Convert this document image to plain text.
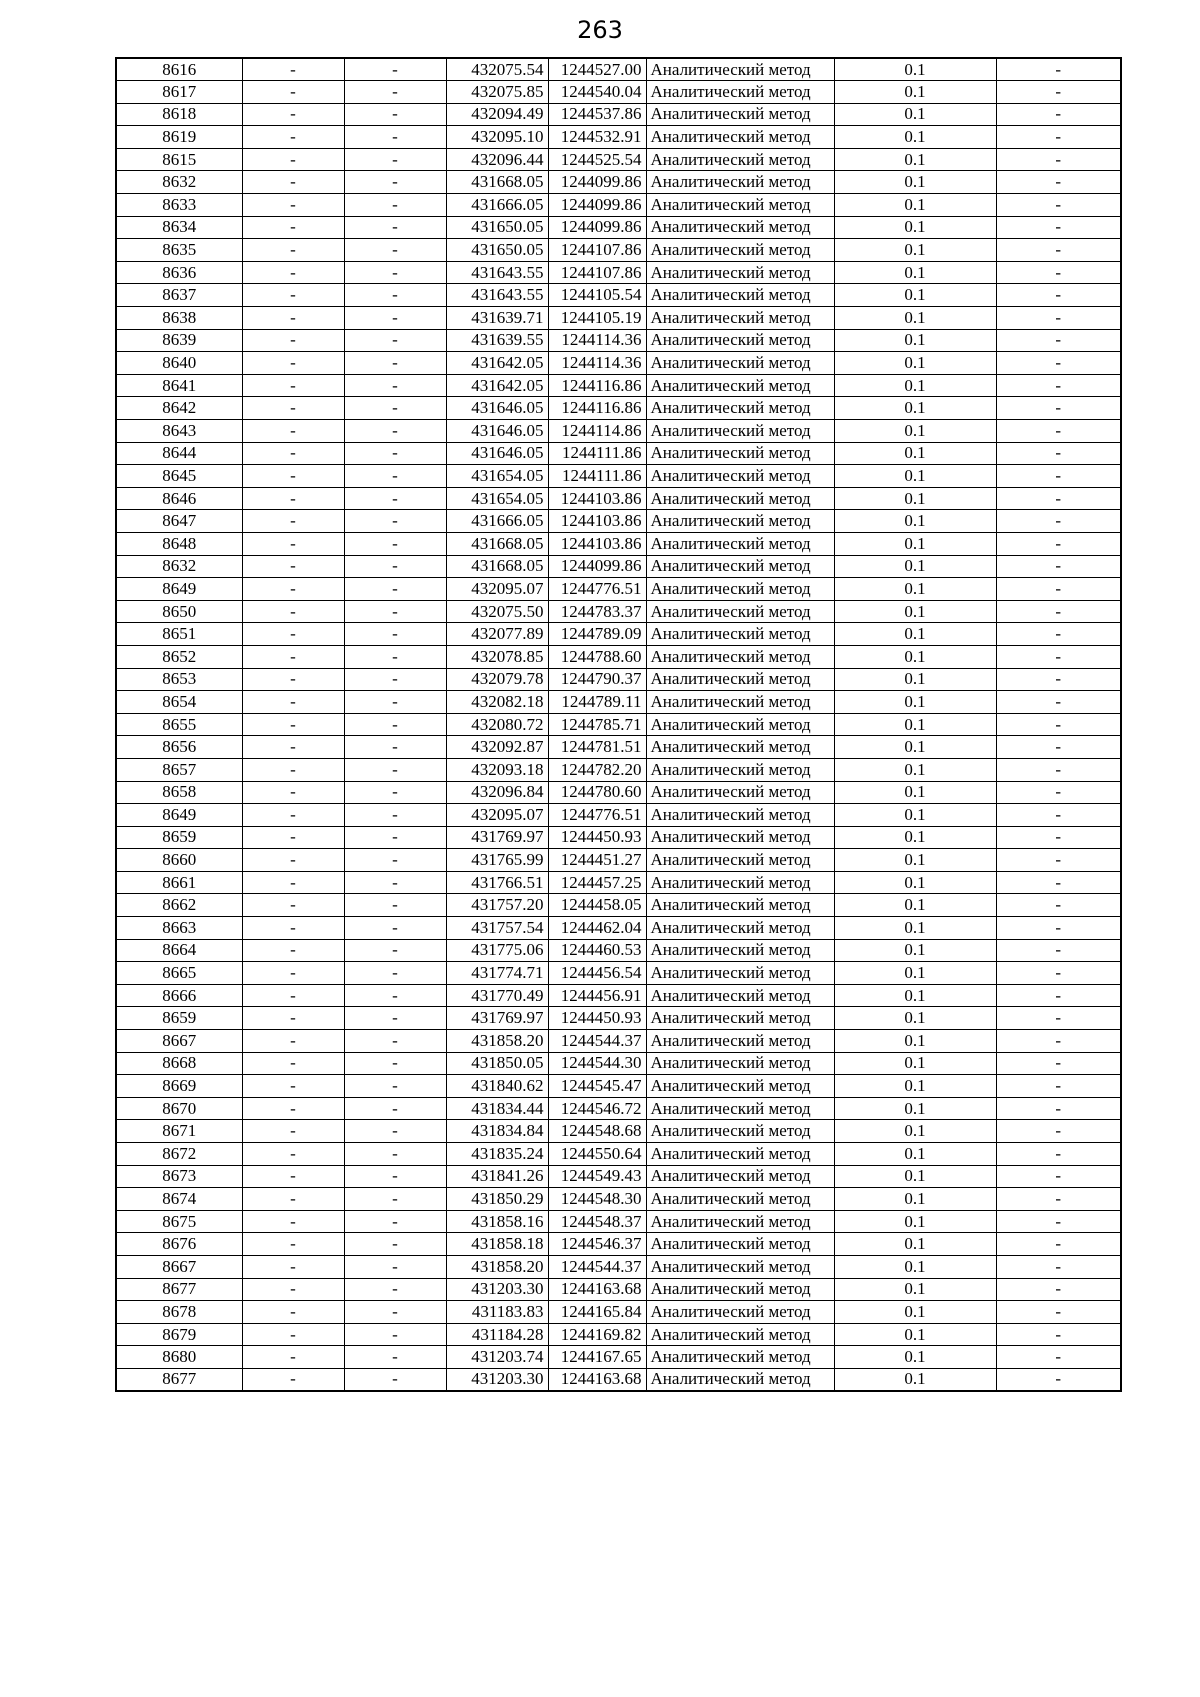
263
8616	-	-	432075.54	1244527.00	Аналитический метод	0.1	-
8617	-	-	432075.85	1244540.04	Аналитический метод	0.1	-
8618	-	-	432094.49	1244537.86	Аналитический метод	0.1	-
8619	-	-	432095.10	1244532.91	Аналитический метод	0.1	-
8615	-	-	432096.44	1244525.54	Аналитический метод	0.1	-
8632	-	-	431668.05	1244099.86	Аналитический метод	0.1	-
8633	-	-	431666.05	1244099.86	Аналитический метод	0.1	-
8634	-	-	431650.05	1244099.86	Аналитический метод	0.1	-
8635	-	-	431650.05	1244107.86	Аналитический метод	0.1	-
8636	-	-	431643.55	1244107.86	Аналитический метод	0.1	-
8637	-	-	431643.55	1244105.54	Аналитический метод	0.1	-
8638	-	-	431639.71	1244105.19	Аналитический метод	0.1	-
8639	-	-	431639.55	1244114.36	Аналитический метод	0.1	-
8640	-	-	431642.05	1244114.36	Аналитический метод	0.1	-
8641	-	-	431642.05	1244116.86	Аналитический метод	0.1	-
8642	-	-	431646.05	1244116.86	Аналитический метод	0.1	-
8643	-	-	431646.05	1244114.86	Аналитический метод	0.1	-
8644	-	-	431646.05	1244111.86	Аналитический метод	0.1	-
8645	-	-	431654.05	1244111.86	Аналитический метод	0.1	-
8646	-	-	431654.05	1244103.86	Аналитический метод	0.1	-
8647	-	-	431666.05	1244103.86	Аналитический метод	0.1	-
8648	-	-	431668.05	1244103.86	Аналитический метод	0.1	-
8632	-	-	431668.05	1244099.86	Аналитический метод	0.1	-
8649	-	-	432095.07	1244776.51	Аналитический метод	0.1	-
8650	-	-	432075.50	1244783.37	Аналитический метод	0.1	-
8651	-	-	432077.89	1244789.09	Аналитический метод	0.1	-
8652	-	-	432078.85	1244788.60	Аналитический метод	0.1	-
8653	-	-	432079.78	1244790.37	Аналитический метод	0.1	-
8654	-	-	432082.18	1244789.11	Аналитический метод	0.1	-
8655	-	-	432080.72	1244785.71	Аналитический метод	0.1	-
8656	-	-	432092.87	1244781.51	Аналитический метод	0.1	-
8657	-	-	432093.18	1244782.20	Аналитический метод	0.1	-
8658	-	-	432096.84	1244780.60	Аналитический метод	0.1	-
8649	-	-	432095.07	1244776.51	Аналитический метод	0.1	-
8659	-	-	431769.97	1244450.93	Аналитический метод	0.1	-
8660	-	-	431765.99	1244451.27	Аналитический метод	0.1	-
8661	-	-	431766.51	1244457.25	Аналитический метод	0.1	-
8662	-	-	431757.20	1244458.05	Аналитический метод	0.1	-
8663	-	-	431757.54	1244462.04	Аналитический метод	0.1	-
8664	-	-	431775.06	1244460.53	Аналитический метод	0.1	-
8665	-	-	431774.71	1244456.54	Аналитический метод	0.1	-
8666	-	-	431770.49	1244456.91	Аналитический метод	0.1	-
8659	-	-	431769.97	1244450.93	Аналитический метод	0.1	-
8667	-	-	431858.20	1244544.37	Аналитический метод	0.1	-
8668	-	-	431850.05	1244544.30	Аналитический метод	0.1	-
8669	-	-	431840.62	1244545.47	Аналитический метод	0.1	-
8670	-	-	431834.44	1244546.72	Аналитический метод	0.1	-
8671	-	-	431834.84	1244548.68	Аналитический метод	0.1	-
8672	-	-	431835.24	1244550.64	Аналитический метод	0.1	-
8673	-	-	431841.26	1244549.43	Аналитический метод	0.1	-
8674	-	-	431850.29	1244548.30	Аналитический метод	0.1	-
8675	-	-	431858.16	1244548.37	Аналитический метод	0.1	-
8676	-	-	431858.18	1244546.37	Аналитический метод	0.1	-
8667	-	-	431858.20	1244544.37	Аналитический метод	0.1	-
8677	-	-	431203.30	1244163.68	Аналитический метод	0.1	-
8678	-	-	431183.83	1244165.84	Аналитический метод	0.1	-
8679	-	-	431184.28	1244169.82	Аналитический метод	0.1	-
8680	-	-	431203.74	1244167.65	Аналитический метод	0.1	-
8677	-	-	431203.30	1244163.68	Аналитический метод	0.1	-
